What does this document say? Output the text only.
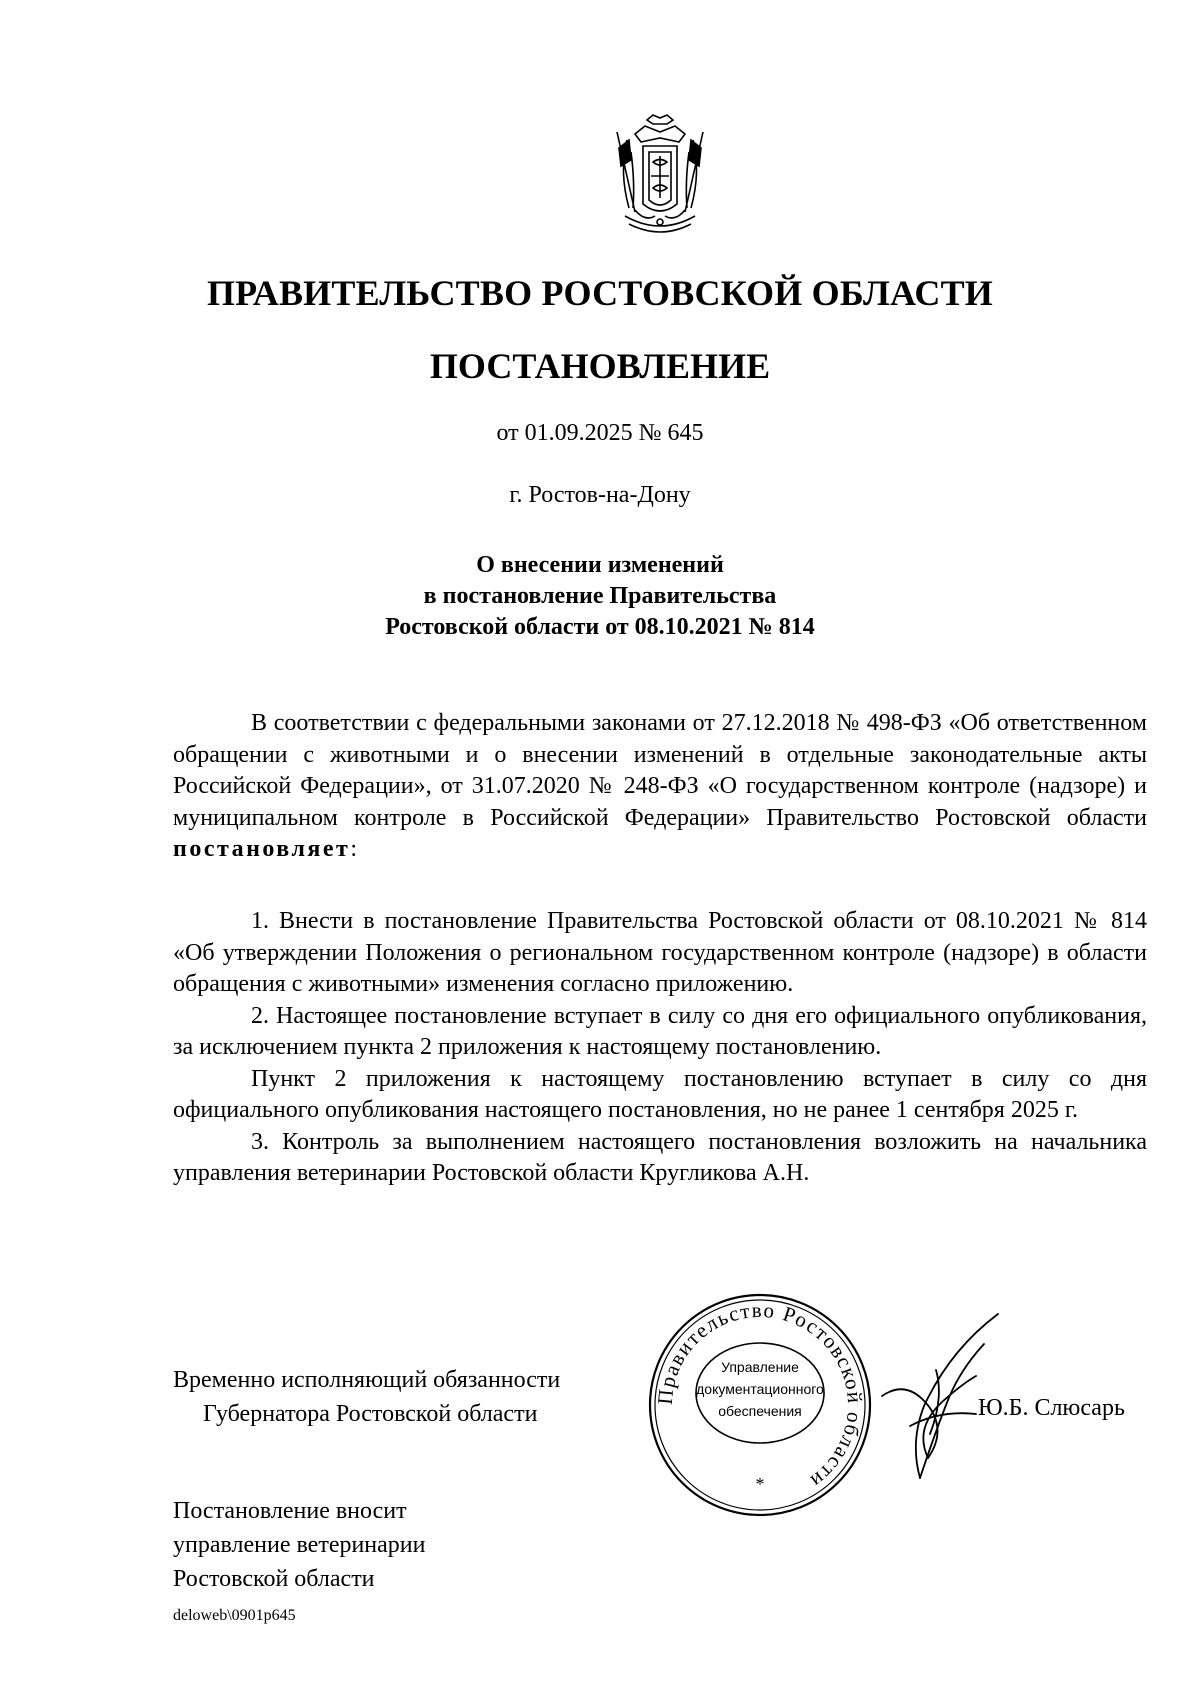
ПРАВИТЕЛЬСТВО РОСТОВСКОЙ ОБЛАСТИ
ПОСТАНОВЛЕНИЕ
от 01.09.2025 № 645
г. Ростов-на-Дону
О внесении изменений
в постановление Правительства
Ростовской области от 08.10.2021 № 814

В соответствии с федеральными законами от 27.12.2018 № 498-ФЗ «Об ответственном обращении с животными и о внесении изменений в отдельные законодательные акты Российской Федерации», от 31.07.2020 № 248-ФЗ «О государственном контроле (надзоре) и муниципальном контроле в Российской Федерации» Правительство Ростовской области постановляет:

1. Внести в постановление Правительства Ростовской области от 08.10.2021 № 814 «Об утверждении Положения о региональном государственном контроле (надзоре) в области обращения с животными» изменения согласно приложению.

2. Настоящее постановление вступает в силу со дня его официального опубликования, за исключением пункта 2 приложения к настоящему постановлению.

Пункт 2 приложения к настоящему постановлению вступает в силу со дня официального опубликования настоящего постановления, но не ранее 1 сентября 2025 г.

3. Контроль за выполнением настоящего постановления возложить на начальника управления ветеринарии Ростовской области Кругликова А.Н.

Временно исполняющий обязанности
Губернатора Ростовской области
Правительство Ростовской области
Управление
документационного
обеспечения
*
Ю.Б. Слюсарь
Постановление вносит
управление ветеринарии
Ростовской области
deloweb\0901p645
